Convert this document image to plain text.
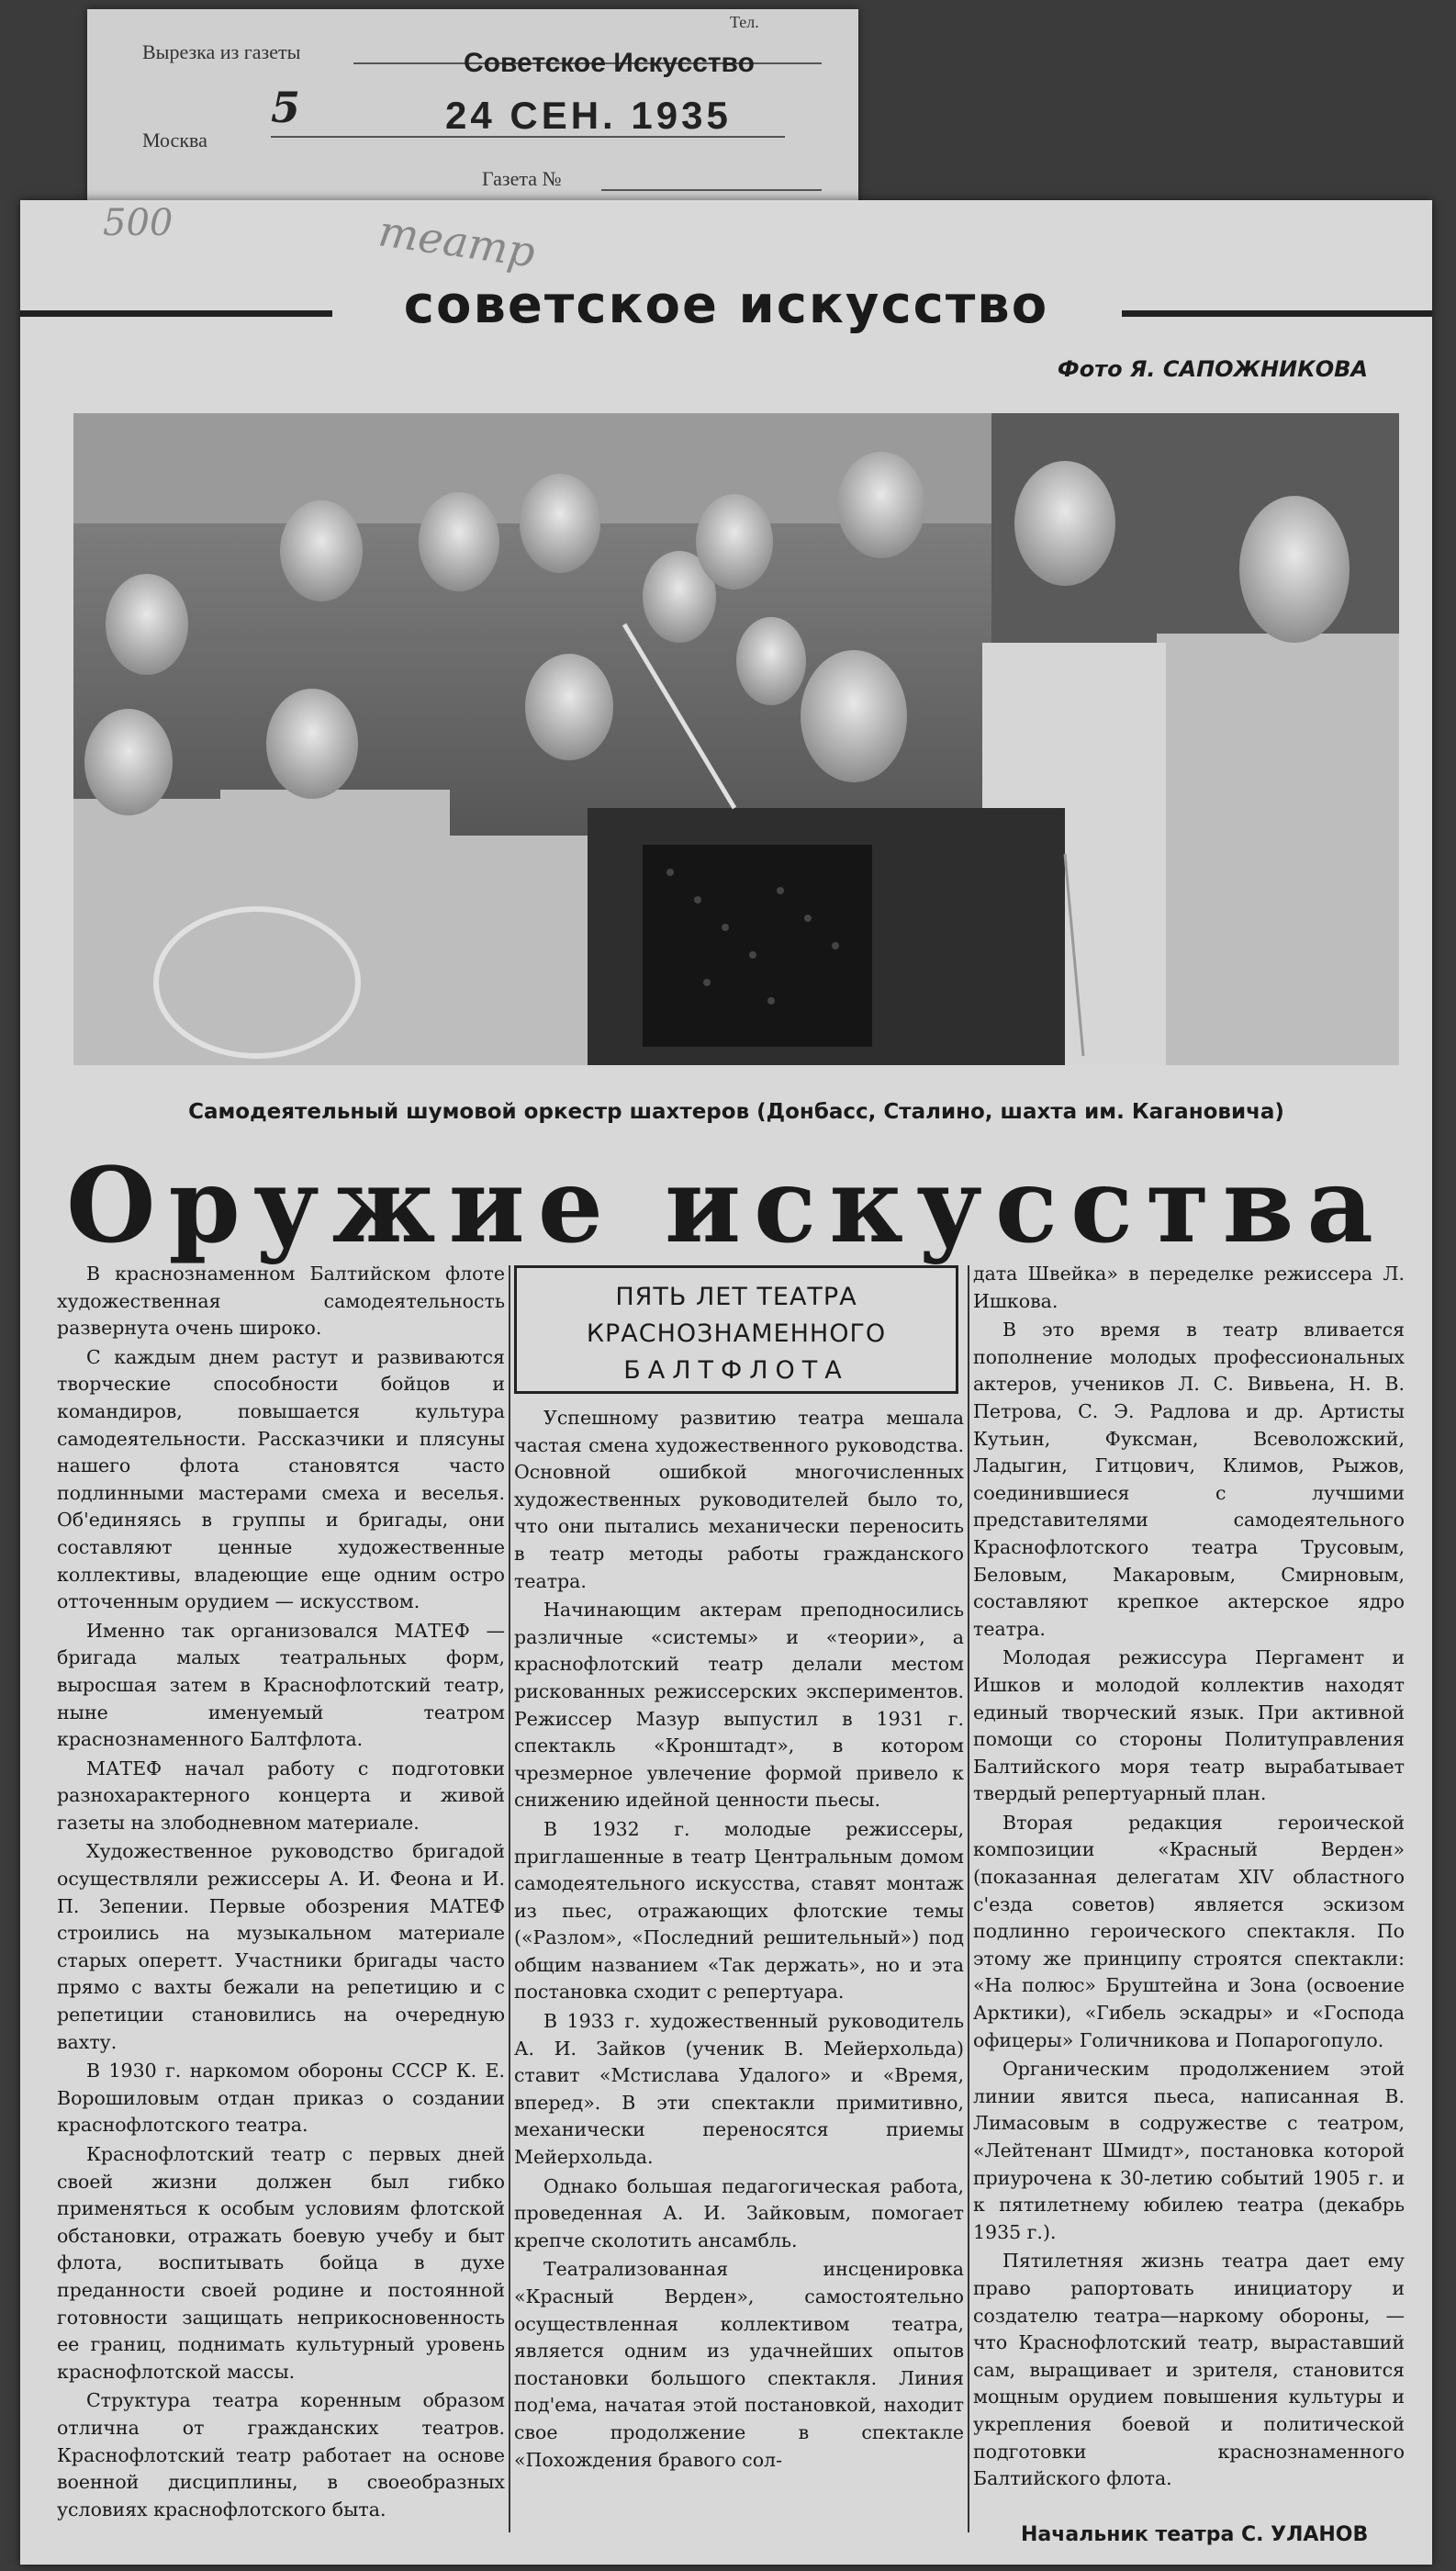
Вырезка из газеты	Советское Искусство
Тел.
24 СЕН. 1935
5
Москва
Газета №
500	театр
советское искусство
Фото Я. САПОЖНИКОВА
Самодеятельный шумовой оркестр шахтеров (Донбасс, Сталино, шахта им. Кагановича)
Оружие искусства

В краснознаменном Балтийском флоте художественная самодеятельность развернута очень широко.

С каждым днем растут и развиваются творческие способности бойцов и командиров, повышается культура самодеятельности. Рассказчики и плясуны нашего флота становятся часто подлинными мастерами смеха и веселья. Об'единяясь в группы и бригады, они составляют ценные художественные коллективы, владеющие еще одним остро отточенным орудием — искусством.

Именно так организовался МАТЕФ — бригада малых театральных форм, выросшая затем в Краснофлотский театр, ныне именуемый театром краснознаменного Балтфлота.

МАТЕФ начал работу с подготовки разнохарактерного концерта и живой газеты на злободневном материале.

Художественное руководство бригадой осуществляли режиссеры А. И. Феона и И. П. Зепении. Первые обозрения МАТЕФ строились на музыкальном материале старых оперетт. Участники бригады часто прямо с вахты бежали на репетицию и с репетиции становились на очередную вахту.

В 1930 г. наркомом обороны СССР К. Е. Ворошиловым отдан приказ о создании краснофлотского театра.

Краснофлотский театр с первых дней своей жизни должен был гибко применяться к особым условиям флотской обстановки, отражать боевую учебу и быт флота, воспитывать бойца в духе преданности своей родине и постоянной готовности защищать неприкосновенность ее границ, поднимать культурный уровень краснофлотской массы.

Структура театра коренным образом отлична от гражданских театров. Краснофлотский театр работает на основе военной дисциплины, в своеобразных условиях краснофлотского быта.

ПЯТЬ ЛЕТ ТЕАТРА
КРАСНОЗНАМЕННОГО
БАЛТФЛОТА

Успешному развитию театра мешала частая смена художественного руководства. Основной ошибкой многочисленных художественных руководителей было то, что они пытались механически переносить в театр методы работы гражданского театра.

Начинающим актерам преподносились различные «системы» и «теории», а краснофлотский театр делали местом рискованных режиссерских экспериментов. Режиссер Мазур выпустил в 1931 г. спектакль «Кронштадт», в котором чрезмерное увлечение формой привело к снижению идейной ценности пьесы.

В 1932 г. молодые режиссеры, приглашенные в театр Центральным домом самодеятельного искусства, ставят монтаж из пьес, отражающих флотские темы («Разлом», «Последний решительный») под общим названием «Так держать», но и эта постановка сходит с репертуара.

В 1933 г. художественный руководитель А. И. Зайков (ученик В. Мейерхольда) ставит «Мстислава Удалого» и «Время, вперед». В эти спектакли примитивно, механически переносятся приемы Мейерхольда.

Однако большая педагогическая работа, проведенная А. И. Зайковым, помогает крепче сколотить ансамбль.

Театрализованная инсценировка «Красный Верден», самостоятельно осуществленная коллективом театра, является одним из удачнейших опытов постановки большого спектакля. Линия под'ема, начатая этой постановкой, находит свое продолжение в спектакле «Похождения бравого сол-

дата Швейка» в переделке режиссера Л. Ишкова.

В это время в театр вливается пополнение молодых профессиональных актеров, учеников Л. С. Вивьена, Н. В. Петрова, С. Э. Радлова и др. Артисты Кутьин, Фуксман, Всеволожский, Ладыгин, Гитцович, Климов, Рыжов, соединившиеся с лучшими представителями самодеятельного Краснофлотского театра Трусовым, Беловым, Макаровым, Смирновым, составляют крепкое актерское ядро театра.

Молодая режиссура Пергамент и Ишков и молодой коллектив находят единый творческий язык. При активной помощи со стороны Политуправления Балтийского моря театр вырабатывает твердый репертуарный план.

Вторая редакция героической композиции «Красный Верден» (показанная делегатам XIV областного с'езда советов) является эскизом подлинно героического спектакля. По этому же принципу строятся спектакли: «На полюс» Бруштейна и Зона (освоение Арктики), «Гибель эскадры» и «Господа офицеры» Голичникова и Попарогопуло.

Органическим продолжением этой линии явится пьеса, написанная В. Лимасовым в содружестве с театром, «Лейтенант Шмидт», постановка которой приурочена к 30-летию событий 1905 г. и к пятилетнему юбилею театра (декабрь 1935 г.).

Пятилетняя жизнь театра дает ему право рапортовать инициатору и создателю театра—наркому обороны, — что Краснофлотский театр, выраставший сам, выращивает и зрителя, становится мощным орудием повышения культуры и укрепления боевой и политической подготовки краснознаменного Балтийского флота.

Начальник театра С. УЛАНОВ
